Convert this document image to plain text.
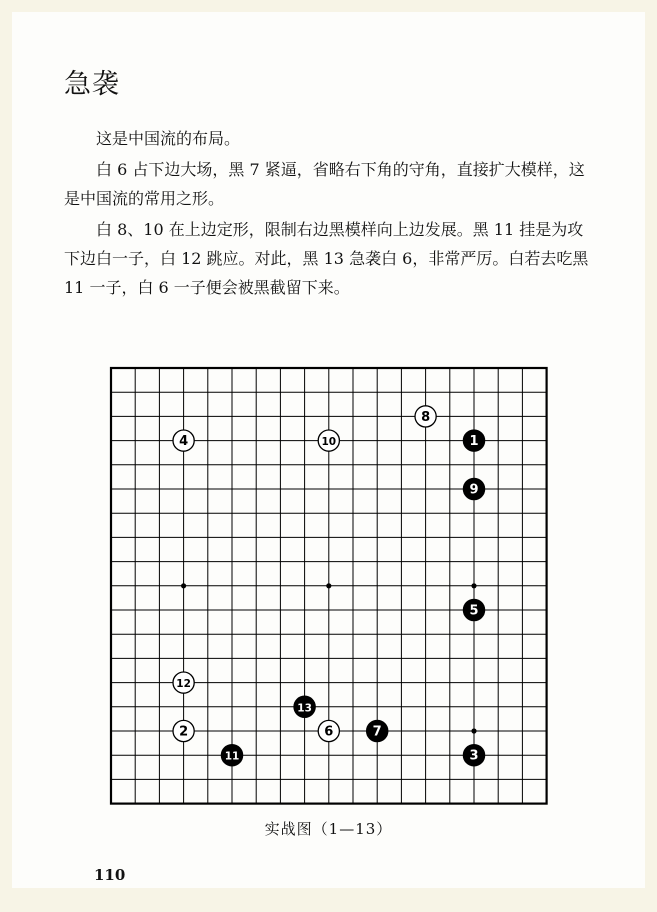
急袭

这是中国流的布局。

白 6 占下边大场，黑 7 紧逼，省略右下角的守角，直接扩大模样，这是中国流的常用之形。

白 8、10 在上边定形，限制右边黑模样向上边发展。黑 11 挂是为攻下边白一子，白 12 跳应。对此，黑 13 急袭白 6，非常严厉。白若去吃黑 11 一子，白 6 一子便会被黑截留下来。

1
2
3
4
5
6	7
8
9
10
11
12
13
实战图（1—13）
110
